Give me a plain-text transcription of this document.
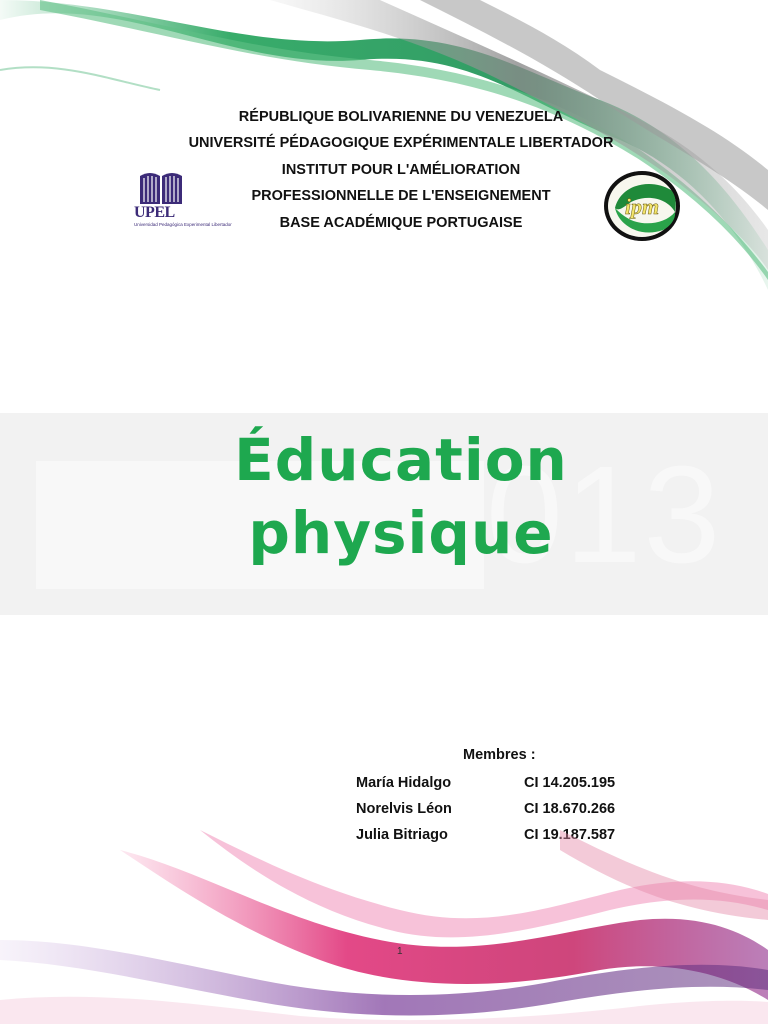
RÉPUBLIQUE BOLIVARIENNE DU VENEZUELA
UNIVERSITÉ PÉDAGOGIQUE EXPÉRIMENTALE LIBERTADOR
INSTITUT POUR L'AMÉLIORATION
PROFESSIONNELLE DE L'ENSEIGNEMENT
BASE ACADÉMIQUE PORTUGAISE
UPEL
Universidad Pedagógica Experimental Libertador
ipm
013
Éducation
physique
Membres :
María Hidalgo	CI 14.205.195
Norelvis Léon	CI 18.670.266
Julia Bitriago	CI 19.187.587
1
